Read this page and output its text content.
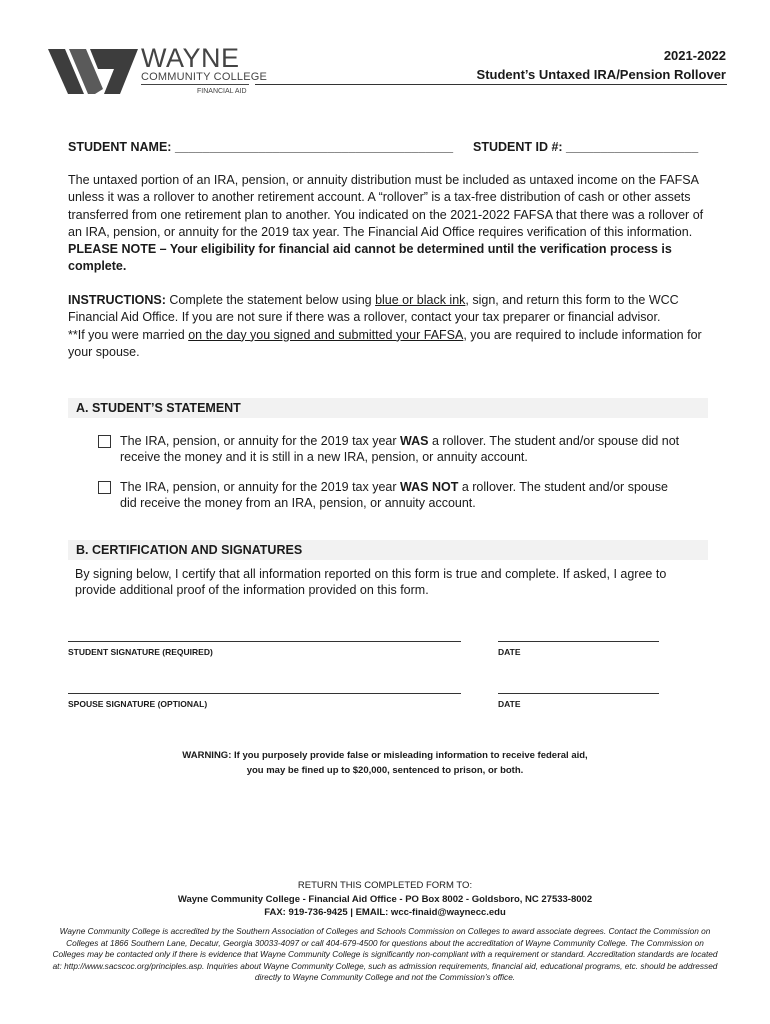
WAYNE
COMMUNITY COLLEGE
FINANCIAL AID
2021-2022
Student’s Untaxed IRA/Pension Rollover
STUDENT NAME: ________________________________________ STUDENT ID #: ___________________
The untaxed portion of an IRA, pension, or annuity distribution must be included as untaxed income on the FAFSA unless it was a rollover to another retirement account. A “rollover” is a tax-free distribution of cash or other assets transferred from one retirement plan to another. You indicated on the 2021-2022 FAFSA that there was a rollover of an IRA, pension, or annuity for the 2019 tax year. The Financial Aid Office requires verification of this information. PLEASE NOTE – Your eligibility for financial aid cannot be determined until the verification process is complete.
INSTRUCTIONS: Complete the statement below using blue or black ink, sign, and return this form to the WCC Financial Aid Office. If you are not sure if there was a rollover, contact your tax preparer or financial advisor.
**If you were married on the day you signed and submitted your FAFSA, you are required to include information for your spouse.
A. STUDENT’S STATEMENT
The IRA, pension, or annuity for the 2019 tax year WAS a rollover. The student and/or spouse did not receive the money and it is still in a new IRA, pension, or annuity account.
The IRA, pension, or annuity for the 2019 tax year WAS NOT a rollover. The student and/or spouse did receive the money from an IRA, pension, or annuity account.
B. CERTIFICATION AND SIGNATURES
By signing below, I certify that all information reported on this form is true and complete. If asked, I agree to provide additional proof of the information provided on this form.
STUDENT SIGNATURE (REQUIRED)	DATE
SPOUSE SIGNATURE (OPTIONAL)	DATE
WARNING: If you purposely provide false or misleading information to receive federal aid,
you may be fined up to $20,000, sentenced to prison, or both.
RETURN THIS COMPLETED FORM TO:
Wayne Community College - Financial Aid Office - PO Box 8002 - Goldsboro, NC 27533-8002
FAX: 919-736-9425 | EMAIL: wcc-finaid@waynecc.edu
Wayne Community College is accredited by the Southern Association of Colleges and Schools Commission on Colleges to award associate degrees. Contact the Commission on Colleges at 1866 Southern Lane, Decatur, Georgia 30033-4097 or call 404-679-4500 for questions about the accreditation of Wayne Community College. The Commission on Colleges may be contacted only if there is evidence that Wayne Community College is significantly non-compliant with a requirement or standard. Accreditation standards are located at: http://www.sacscoc.org/principles.asp. Inquiries about Wayne Community College, such as admission requirements, financial aid, educational programs, etc. should be addressed directly to Wayne Community College and not the Commission’s office.
